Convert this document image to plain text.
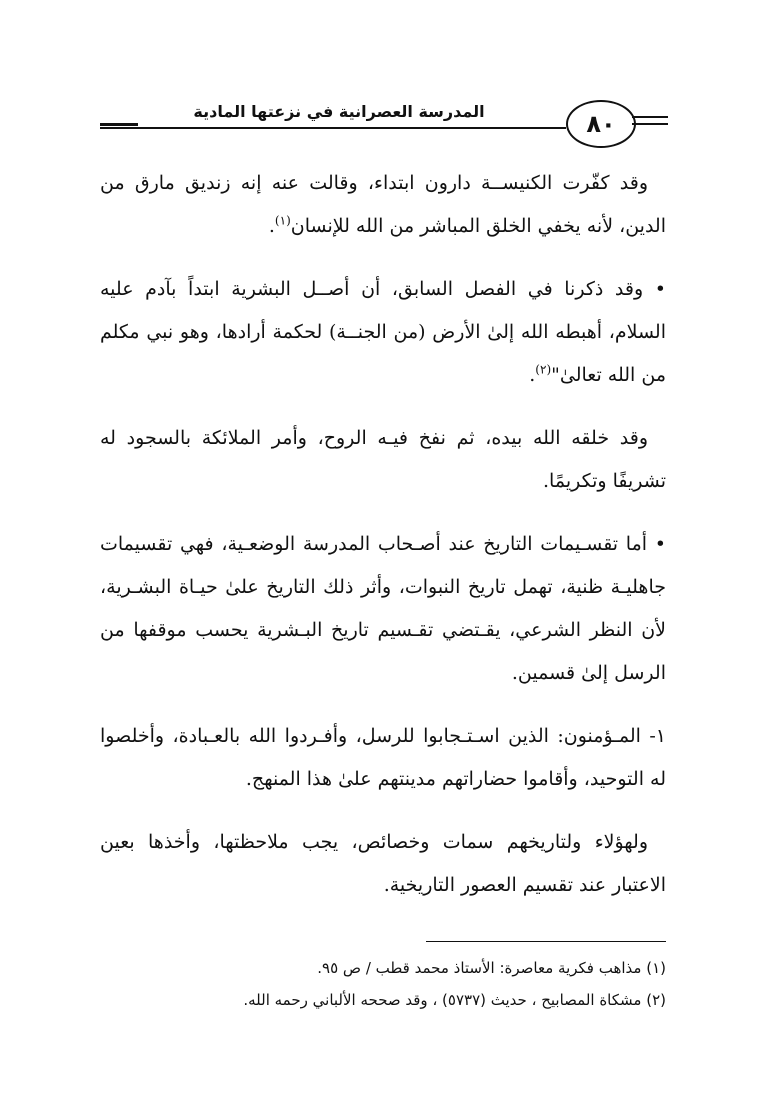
المدرسة العصرانية في نزعتها المادية	٨٠

وقد كفّرت الكنيســة دارون ابتداء، وقالت عنه إنه زنديق مارق من الدين، لأنه يخفي الخلق المباشر من الله للإنسان$^{(١)}$.

• وقد ذكرنا في الفصل السابق، أن أصــل البشرية ابتداً بآدم عليه السلام، أهبطه الله إلىٰ الأرض (من الجنــة) لحكمة أرادها، وهو نبي مكلم من الله تعالىٰ"$^{(٢)}$.

وقد خلقه الله بيده، ثم نفخ فيـه الروح، وأمر الملائكة بالسجود له تشريفًا وتكريمًا.

• أما تقسـيمات التاريخ عند أصـحاب المدرسة الوضعـية، فهي تقسيمات جاهليـة ظنية، تهمل تاريخ النبوات، وأثر ذلك التاريخ علىٰ حيـاة البشـرية، لأن النظر الشرعي، يقـتضي تقـسيم تاريخ البـشرية يحسب موقفها من الرسل إلىٰ قسمين.

١- المـؤمنون: الذين اسـتـجابوا للرسل، وأفـردوا الله بالعـبادة، وأخلصوا له التوحيد، وأقاموا حضاراتهم مدينتهم علىٰ هذا المنهج.

ولهؤلاء ولتاريخهم سمات وخصائص، يجب ملاحظتها، وأخذها بعين الاعتبار عند تقسيم العصور التاريخية.

(١) مذاهب فكرية معاصرة: الأستاذ محمد قطب / ص ٩٥.

(٢) مشكاة المصابيح ، حديث (٥٧٣٧) ، وقد صححه الألباني رحمه الله.
